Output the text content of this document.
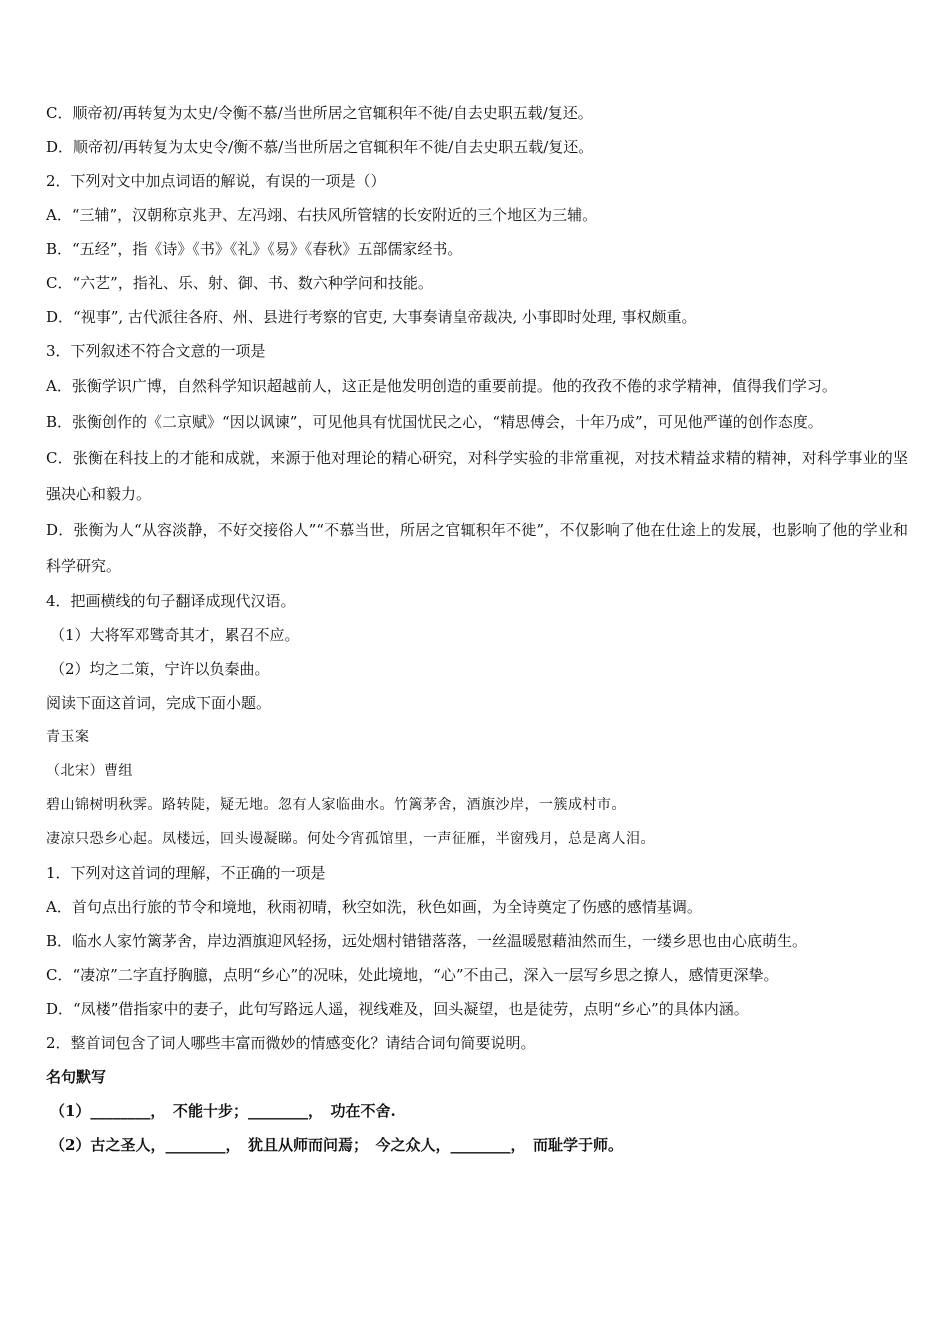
C．顺帝初/再转复为太史/令衡不慕/当世所居之官辄积年不徙/自去史职五载/复还。
D．顺帝初/再转复为太史令/衡不慕/当世所居之官辄积年不徙/自去史职五载/复还。
2．下列对文中加点词语的解说，有误的一项是（）
A．“三辅”，汉朝称京兆尹、左冯翊、右扶风所管辖的长安附近的三个地区为三辅。
B．“五经”，指《诗》《书》《礼》《易》《春秋》五部儒家经书。
C．“六艺”，指礼、乐、射、御、书、数六种学问和技能。
D．“视事”, 古代派往各府、州、县进行考察的官吏, 大事奏请皇帝裁决, 小事即时处理, 事权颇重。
3．下列叙述不符合文意的一项是
A．张衡学识广博，自然科学知识超越前人，这正是他发明创造的重要前提。他的孜孜不倦的求学精神，值得我们学习。
B．张衡创作的《二京赋》“因以讽谏”，可见他具有忧国忧民之心，“精思傅会，十年乃成”，可见他严谨的创作态度。
C．张衡在科技上的才能和成就，来源于他对理论的精心研究，对科学实验的非常重视，对技术精益求精的精神，对科学事业的坚强决心和毅力。
D．张衡为人“从容淡静，不好交接俗人”“不慕当世，所居之官辄积年不徙”，不仅影响了他在仕途上的发展，也影响了他的学业和科学研究。
4．把画横线的句子翻译成现代汉语。
（1）大将军邓骘奇其才，累召不应。
（2）均之二策，宁许以负秦曲。
阅读下面这首词，完成下面小题。
青玉案
（北宋）曹组
碧山锦树明秋霁。路转陡，疑无地。忽有人家临曲水。竹篱茅舍，酒旗沙岸，一簇成村市。
凄凉只恐乡心起。凤楼远，回头谩凝睇。何处今宵孤馆里，一声征雁，半窗残月，总是离人泪。
1．下列对这首词的理解，不正确的一项是
A．首句点出行旅的节令和境地，秋雨初晴，秋空如洗，秋色如画，为全诗奠定了伤感的感情基调。
B．临水人家竹篱茅舍，岸边酒旗迎风轻扬，远处烟村错错落落，一丝温暖慰藉油然而生，一缕乡思也由心底萌生。
C．“凄凉”二字直抒胸臆，点明“乡心”的况味，处此境地，“心”不由己，深入一层写乡思之撩人，感情更深挚。
D．“凤楼”借指家中的妻子，此句写路远人遥，视线难及，回头凝望，也是徒劳，点明“乡心”的具体内涵。
2．整首词包含了词人哪些丰富而微妙的情感变化？请结合词句简要说明。
名句默写
（1）________，　不能十步；________，　功在不舍.
（2）古之圣人，________，　犹且从师而问焉；　今之众人，________，　而耻学于师。
